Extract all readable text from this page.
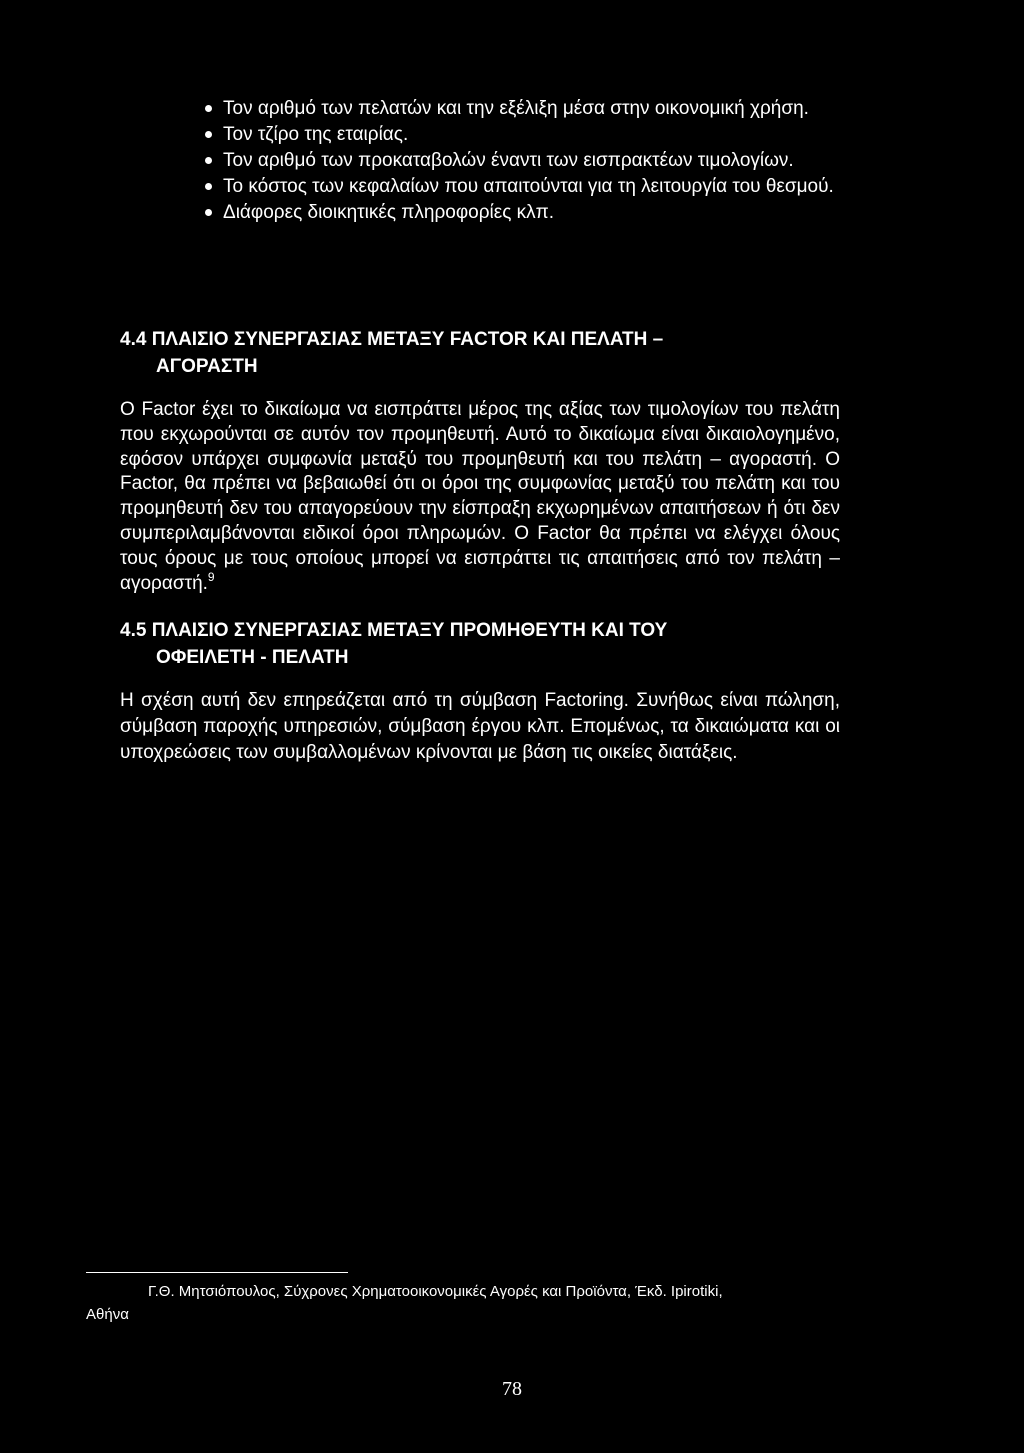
Τον αριθμό των πελατών και την εξέλιξη μέσα στην οικονομική χρήση.
Τον τζίρο της εταιρίας.
Τον αριθμό των προκαταβολών έναντι των εισπρακτέων τιμολογίων.
Το κόστος των κεφαλαίων που απαιτούνται για τη λειτουργία του θεσμού.
Διάφορες διοικητικές πληροφορίες κλπ.
4.4 ΠΛΑΙΣΙΟ ΣΥΝΕΡΓΑΣΙΑΣ ΜΕΤΑΞΥ FACTOR ΚΑΙ ΠΕΛΑΤΗ –
ΑΓΟΡΑΣΤΗ

Ο Factor έχει το δικαίωμα να εισπράττει μέρος της αξίας των τιμολογίων του πελάτη που εκχωρούνται σε αυτόν τον προμηθευτή. Αυτό το δικαίωμα είναι δικαιολογημένο, εφόσον υπάρχει συμφωνία μεταξύ του προμηθευτή και του πελάτη – αγοραστή. Ο Factor, θα πρέπει να βεβαιωθεί ότι οι όροι της συμφωνίας μεταξύ του πελάτη και του προμηθευτή δεν του απαγορεύουν την είσπραξη εκχωρημένων απαιτήσεων ή ότι δεν συμπεριλαμβάνονται ειδικοί όροι πληρωμών. Ο Factor θα πρέπει να ελέγχει όλους τους όρους με τους οποίους μπορεί να εισπράττει τις απαιτήσεις από τον πελάτη – αγοραστή.$^9$

4.5 ΠΛΑΙΣΙΟ ΣΥΝΕΡΓΑΣΙΑΣ ΜΕΤΑΞΥ ΠΡΟΜΗΘΕΥΤΗ ΚΑΙ ΤΟΥ
ΟΦΕΙΛΕΤΗ - ΠΕΛΑΤΗ

Η σχέση αυτή δεν επηρεάζεται από τη σύμβαση Factoring. Συνήθως είναι πώληση, σύμβαση παροχής υπηρεσιών, σύμβαση έργου κλπ. Επομένως, τα δικαιώματα και οι υποχρεώσεις των συμβαλλομένων κρίνονται με βάση τις οικείες διατάξεις.

Γ.Θ. Μητσιόπουλος, Σύχρονες Χρηματοοικονομικές Αγορές και Προϊόντα, Έκδ. Ipirotiki,
Αθήνα

78
